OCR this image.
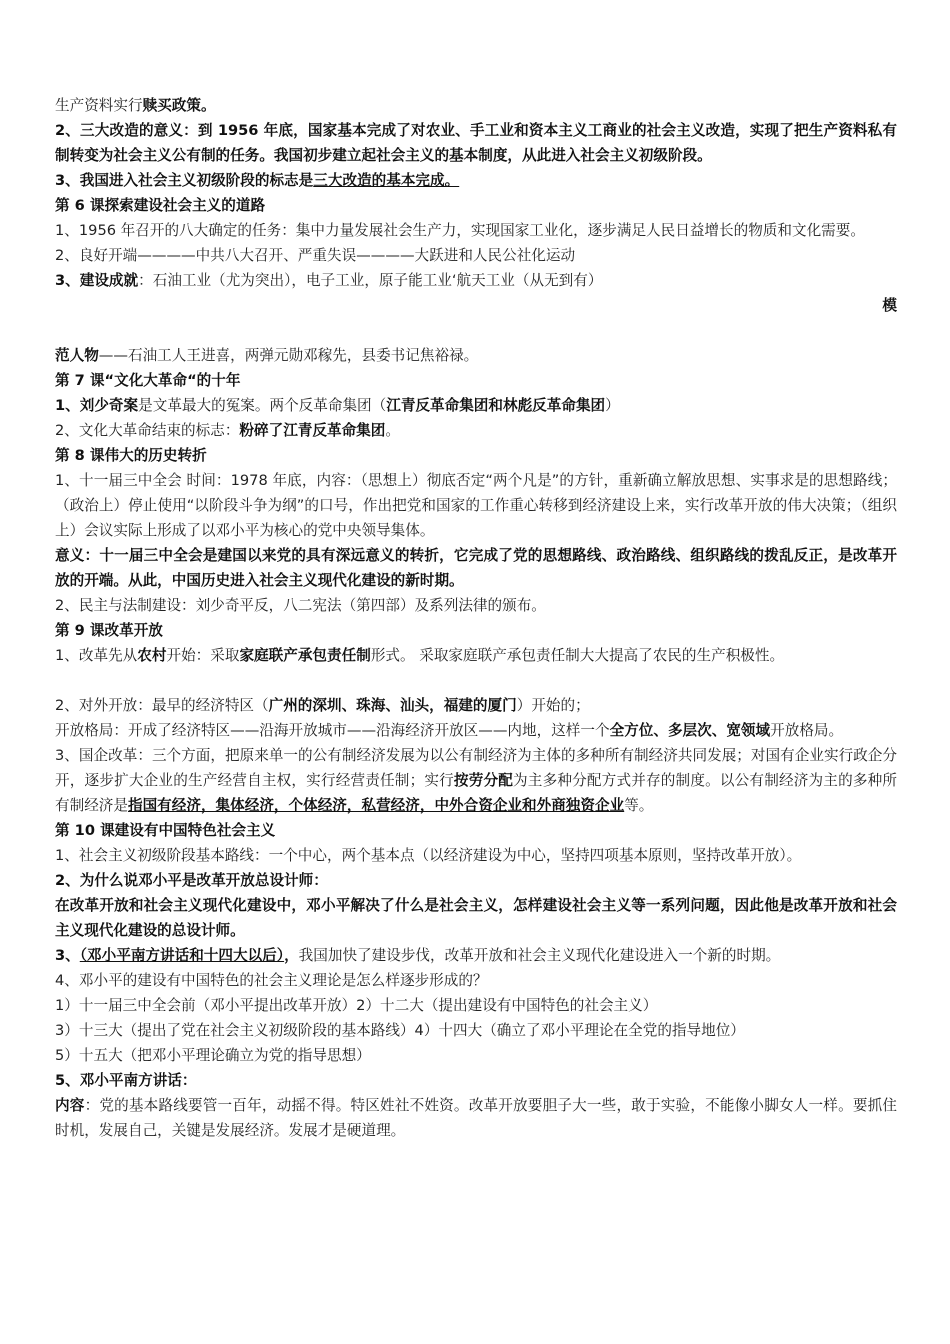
生产资料实行赎买政策。

2、三大改造的意义：到 1956 年底，国家基本完成了对农业、手工业和资本主义工商业的社会主义改造，实现了把生产资料私有制转变为社会主义公有制的任务。我国初步建立起社会主义的基本制度，从此进入社会主义初级阶段。

3、我国进入社会主义初级阶段的标志是三大改造的基本完成。

第 6 课探索建设社会主义的道路

1、1956 年召开的八大确定的任务：集中力量发展社会生产力，实现国家工业化，逐步满足人民日益增长的物质和文化需要。

2、良好开端————中共八大召开、严重失误————大跃进和人民公社化运动

3、建设成就：石油工业（尤为突出），电子工业，原子能工业‘航天工业（从无到有）

模

范人物——石油工人王进喜，两弹元勋邓稼先，县委书记焦裕禄。

第 7 课“文化大革命“的十年

1、刘少奇案是文革最大的冤案。两个反革命集团（江青反革命集团和林彪反革命集团）

2、文化大革命结束的标志：粉碎了江青反革命集团。

第 8 课伟大的历史转折

1、十一届三中全会 时间：1978 年底，内容：（思想上）彻底否定“两个凡是”的方针，重新确立解放思想、实事求是的思想路线；（政治上）停止使用“以阶段斗争为纲”的口号，作出把党和国家的工作重心转移到经济建设上来，实行改革开放的伟大决策；（组织上）会议实际上形成了以邓小平为核心的党中央领导集体。

意义：十一届三中全会是建国以来党的具有深远意义的转折，它完成了党的思想路线、政治路线、组织路线的拨乱反正，是改革开放的开端。从此，中国历史进入社会主义现代化建设的新时期。

2、民主与法制建设：刘少奇平反，八二宪法（第四部）及系列法律的颁布。

第 9 课改革开放

1、改革先从农村开始：采取家庭联产承包责任制形式。 采取家庭联产承包责任制大大提高了农民的生产积极性。

2、对外开放：最早的经济特区（广州的深圳、珠海、汕头，福建的厦门）开始的；

开放格局：开成了经济特区——沿海开放城市——沿海经济开放区——内地，这样一个全方位、多层次、宽领域开放格局。

3、国企改革：三个方面，把原来单一的公有制经济发展为以公有制经济为主体的多种所有制经济共同发展；对国有企业实行政企分开，逐步扩大企业的生产经营自主权，实行经营责任制；实行按劳分配为主多种分配方式并存的制度。以公有制经济为主的多种所有制经济是指国有经济，集体经济，个体经济，私营经济，中外合资企业和外商独资企业等。

第 10 课建设有中国特色社会主义

1、社会主义初级阶段基本路线：一个中心，两个基本点（以经济建设为中心，坚持四项基本原则，坚持改革开放）。

2、为什么说邓小平是改革开放总设计师：

在改革开放和社会主义现代化建设中，邓小平解决了什么是社会主义，怎样建设社会主义等一系列问题，因此他是改革开放和社会主义现代化建设的总设计师。

3、（邓小平南方讲话和十四大以后），我国加快了建设步伐，改革开放和社会主义现代化建设进入一个新的时期。

4、邓小平的建设有中国特色的社会主义理论是怎么样逐步形成的？

1）十一届三中全会前（邓小平提出改革开放）2）十二大（提出建设有中国特色的社会主义）

3）十三大（提出了党在社会主义初级阶段的基本路线）4）十四大（确立了邓小平理论在全党的指导地位）

5）十五大（把邓小平理论确立为党的指导思想）

5、邓小平南方讲话：

内容：党的基本路线要管一百年，动摇不得。特区姓社不姓资。改革开放要胆子大一些，敢于实验，不能像小脚女人一样。要抓住时机，发展自己，关键是发展经济。发展才是硬道理。
